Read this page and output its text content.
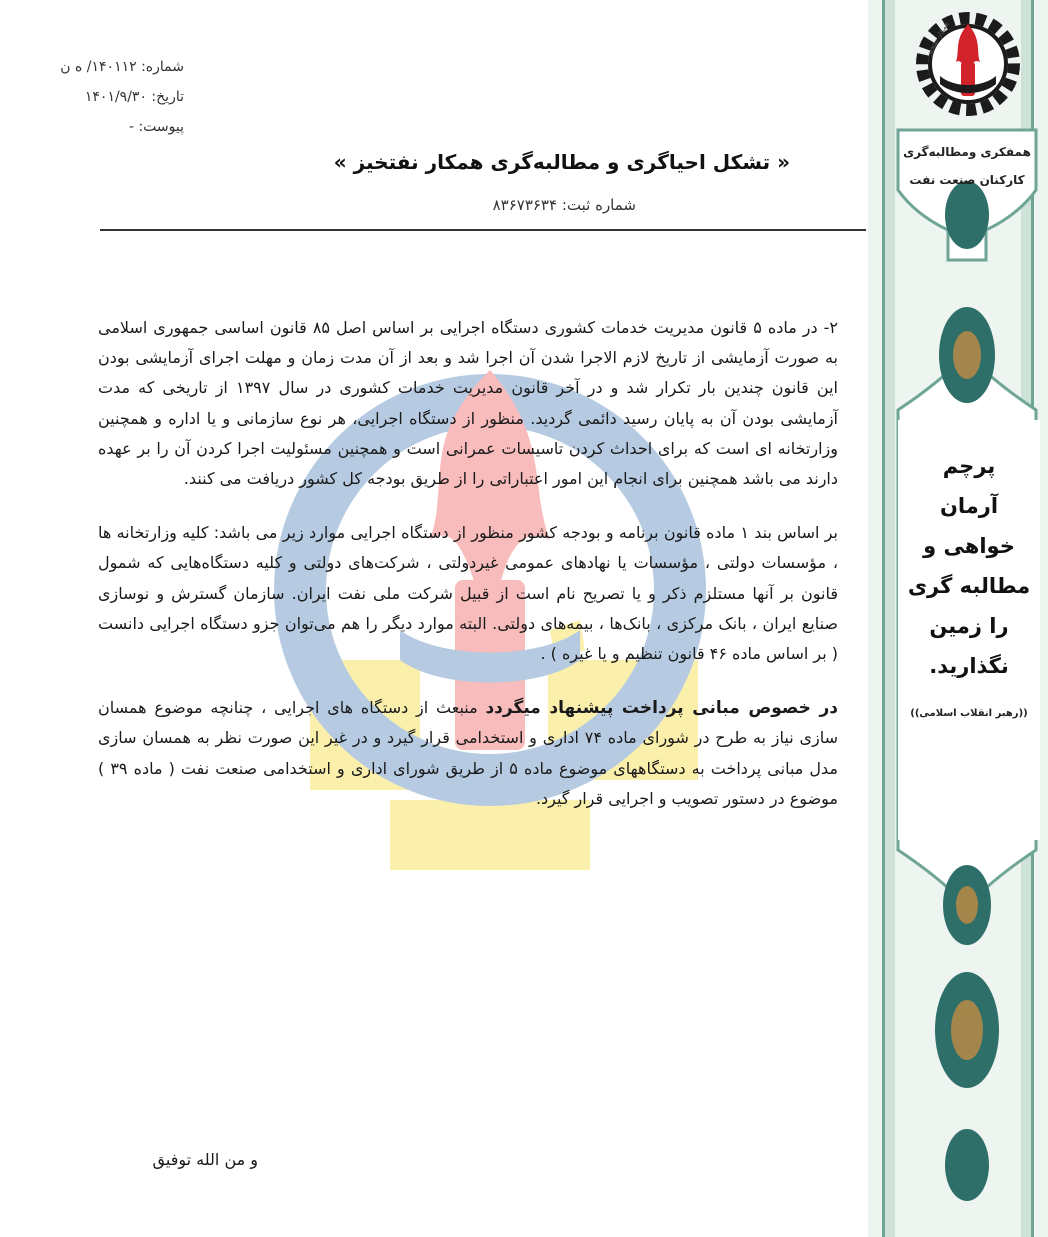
شماره: ۱۴۰۱۱۲/ ه ن
تاریخ: ۱۴۰۱/۹/۳۰
پیوست: -
« تشکل احیاگری و مطالبه‌گری همکار نفتخیز »
شماره ثبت: ۸۳۶۷۳۶۳۴

۲- در ماده ۵ قانون مدیریت خدمات کشوری دستگاه اجرایی بر اساس اصل ۸۵ قانون اساسی جمهوری اسلامی به صورت آزمایشی از تاریخ لازم الاجرا شدن آن اجرا شد و بعد از آن مدت زمان و مهلت اجرای آزمایشی بودن این قانون چندین بار تکرار شد و در آخر قانون مدیریت خدمات کشوری در سال ۱۳۹۷ از تاریخی که مدت آزمایشی بودن آن به پایان رسید دائمی گردید. منظور از دستگاه اجرایی، هر نوع سازمانی و یا اداره و همچنین وزارتخانه ای است که برای احداث کردن تاسیسات عمرانی است و همچنین مسئولیت اجرا کردن آن را بر عهده دارند می باشد همچنین برای انجام این امور اعتباراتی را از طریق بودجه کل کشور دریافت می کنند.

بر اساس بند ۱ ماده قانون برنامه و بودجه کشور منظور از دستگاه اجرایی موارد زیر می باشد: کلیه وزارتخانه ها ، مؤسسات دولتی ، مؤسسات یا نهادهای عمومی غیردولتی ، شرکت‌های دولتی و کلیه دستگاه‌هایی که شمول قانون بر آنها مستلزم ذکر و یا تصریح نام است از قبیل شرکت ملی نفت ایران. سازمان گسترش و نوسازی صنایع ایران ، بانک مرکزی ، بانک‌ها ، بیمه‌های دولتی. البته موارد دیگر را هم می‌توان جزو دستگاه اجرایی دانست ( بر اساس ماده ۴۶ قانون تنظیم و یا غیره ) .

در خصوص مبانی پرداخت پیشنهاد میگردد منبعث از دستگاه های اجرایی ، چنانچه موضوع همسان سازی نیاز به طرح در شورای ماده ۷۴ اداری و استخدامی قرار گیرد و در غیر این صورت نظر به همسان سازی مدل مبانی پرداخت به دستگاههای موضوع ماده ۵ از طریق شورای اداری و استخدامی صنعت نفت ( ماده ۳۹ ) موضوع در دستور تصویب و اجرایی قرار گیرد.

و من الله توفیق
همکار نفتخیز
همفکری ومطالبه‌گری
کارکنان صنعت نفت
پرچم
آرمان
خواهی و
مطالبه گری
را زمین
نگذارید.
((رهبر انقلاب اسلامی))
